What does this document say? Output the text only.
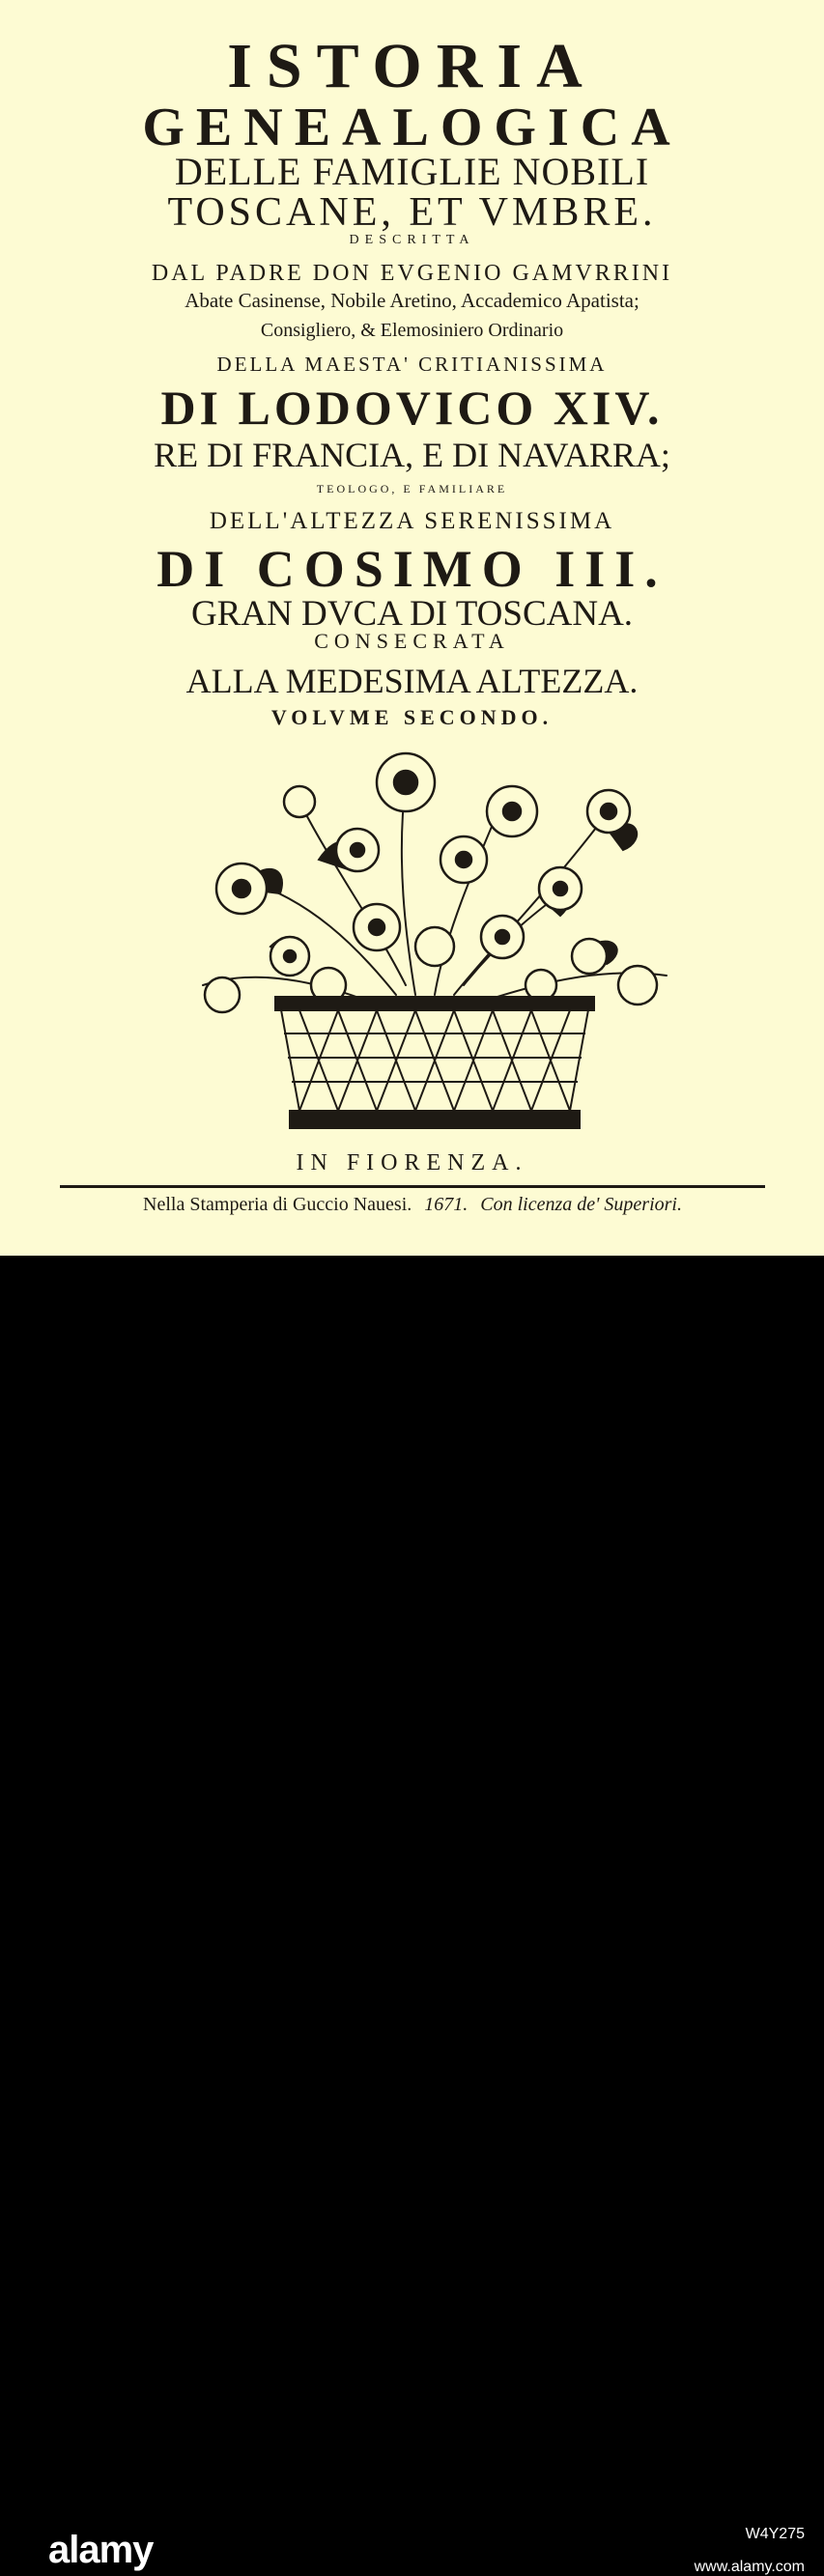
ISTORIA
GENEALOGICA
DELLE FAMIGLIE NOBILI
TOSCANE, ET VMBRE.
DESCRITTA
DAL PADRE DON EVGENIO GAMVRRINI
Abate Casinense, Nobile Aretino, Accademico Apatista;
Consigliero, & Elemosiniero Ordinario
DELLA MAESTA' CRITIANISSIMA
DI LODOVICO XIV.
RE DI FRANCIA, E DI NAVARRA;
TEOLOGO, E FAMILIARE
DELL'ALTEZZA SERENISSIMA
DI COSIMO III.
GRAN DVCA DI TOSCANA.
CONSECRATA
ALLA MEDESIMA ALTEZZA.
VOLVME SECONDO.
IN FIORENZA.
Nella Stamperia di Guccio Nauesi. 1671. Con licenza de' Superiori.
alamy	W4Y275
www.alamy.com
